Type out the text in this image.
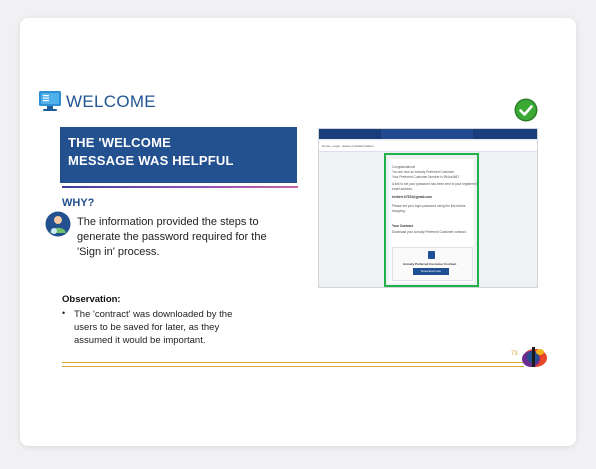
WELCOME
THE 'WELCOME
MESSAGE WAS HELPFUL
WHY?
The information provided the steps to
generate the password required for the
'Sign in' process.
Observation:
• The 'contract' was downloaded by the
users to be saved for later, as they
assumed it would be important.
73
Home › Login › Reset of default Values
Congratulations!
You are now an Annuity Preferred Customer.
Your Preferred Customer Number is 994xx4667.
A link to set your password has been sent to your registered
email address.
herbert.h7513@gmail.com
Please set your login password using the link before
shopping.
Your Contract
Download your Annuity Preferred Customer contract.
Annuity Preferred Customer Contract
Download now
